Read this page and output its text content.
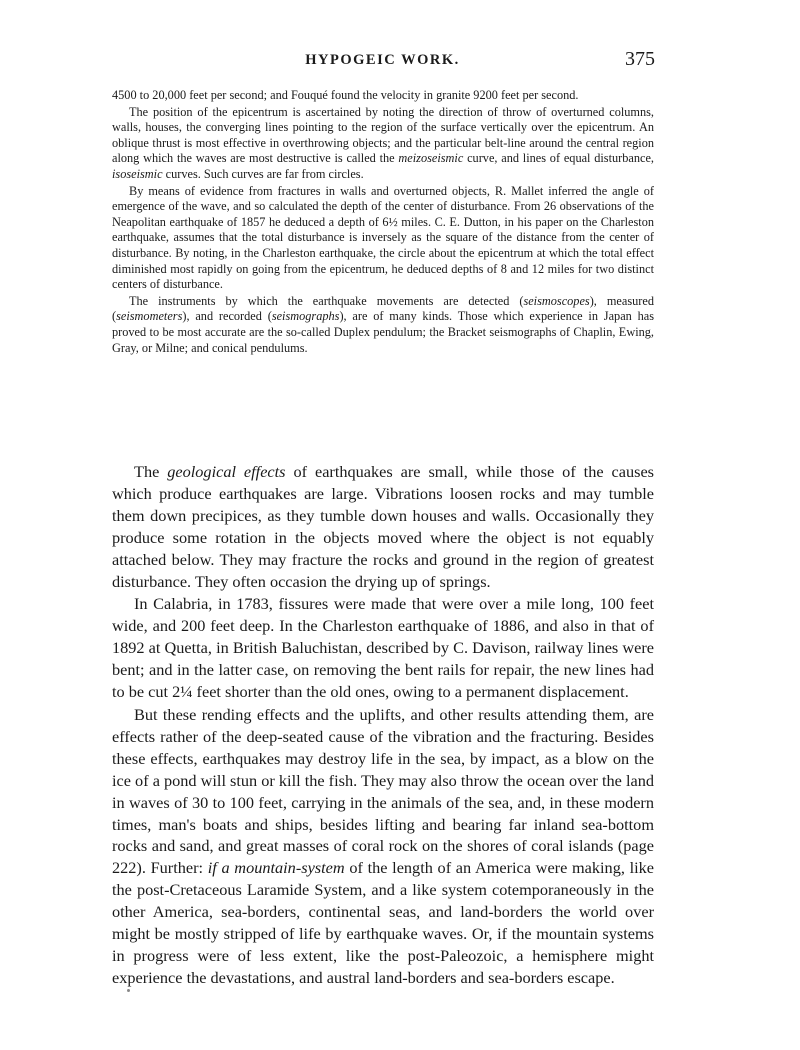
HYPOGEIC WORK.	375

4500 to 20,000 feet per second; and Fouqué found the velocity in granite 9200 feet per second.

The position of the epicentrum is ascertained by noting the direction of throw of overturned columns, walls, houses, the converging lines pointing to the region of the surface vertically over the epicentrum. An oblique thrust is most effective in overthrowing objects; and the particular belt-line around the central region along which the waves are most destructive is called the meizoseismic curve, and lines of equal disturbance, isoseismic curves. Such curves are far from circles.

By means of evidence from fractures in walls and overturned objects, R. Mallet inferred the angle of emergence of the wave, and so calculated the depth of the center of disturbance. From 26 observations of the Neapolitan earthquake of 1857 he deduced a depth of 6½ miles. C. E. Dutton, in his paper on the Charleston earthquake, assumes that the total disturbance is inversely as the square of the distance from the center of disturbance. By noting, in the Charleston earthquake, the circle about the epicentrum at which the total effect diminished most rapidly on going from the epicentrum, he deduced depths of 8 and 12 miles for two distinct centers of disturbance.

The instruments by which the earthquake movements are detected (seismoscopes), measured (seismometers), and recorded (seismographs), are of many kinds. Those which experience in Japan has proved to be most accurate are the so-called Duplex pendulum; the Bracket seismographs of Chaplin, Ewing, Gray, or Milne; and conical pendulums.

The geological effects of earthquakes are small, while those of the causes which produce earthquakes are large. Vibrations loosen rocks and may tumble them down precipices, as they tumble down houses and walls. Occasionally they produce some rotation in the objects moved where the object is not equably attached below. They may fracture the rocks and ground in the region of greatest disturbance. They often occasion the drying up of springs.

In Calabria, in 1783, fissures were made that were over a mile long, 100 feet wide, and 200 feet deep. In the Charleston earthquake of 1886, and also in that of 1892 at Quetta, in British Baluchistan, described by C. Davison, railway lines were bent; and in the latter case, on removing the bent rails for repair, the new lines had to be cut 2¼ feet shorter than the old ones, owing to a permanent displacement.

But these rending effects and the uplifts, and other results attending them, are effects rather of the deep-seated cause of the vibration and the fracturing. Besides these effects, earthquakes may destroy life in the sea, by impact, as a blow on the ice of a pond will stun or kill the fish. They may also throw the ocean over the land in waves of 30 to 100 feet, carrying in the animals of the sea, and, in these modern times, man's boats and ships, besides lifting and bearing far inland sea-bottom rocks and sand, and great masses of coral rock on the shores of coral islands (page 222). Further: if a mountain-system of the length of an America were making, like the post-Cretaceous Laramide System, and a like system cotemporaneously in the other America, sea-borders, continental seas, and land-borders the world over might be mostly stripped of life by earthquake waves. Or, if the mountain systems in progress were of less extent, like the post-Paleozoic, a hemisphere might experience the devastations, and austral land-borders and sea-borders escape.
